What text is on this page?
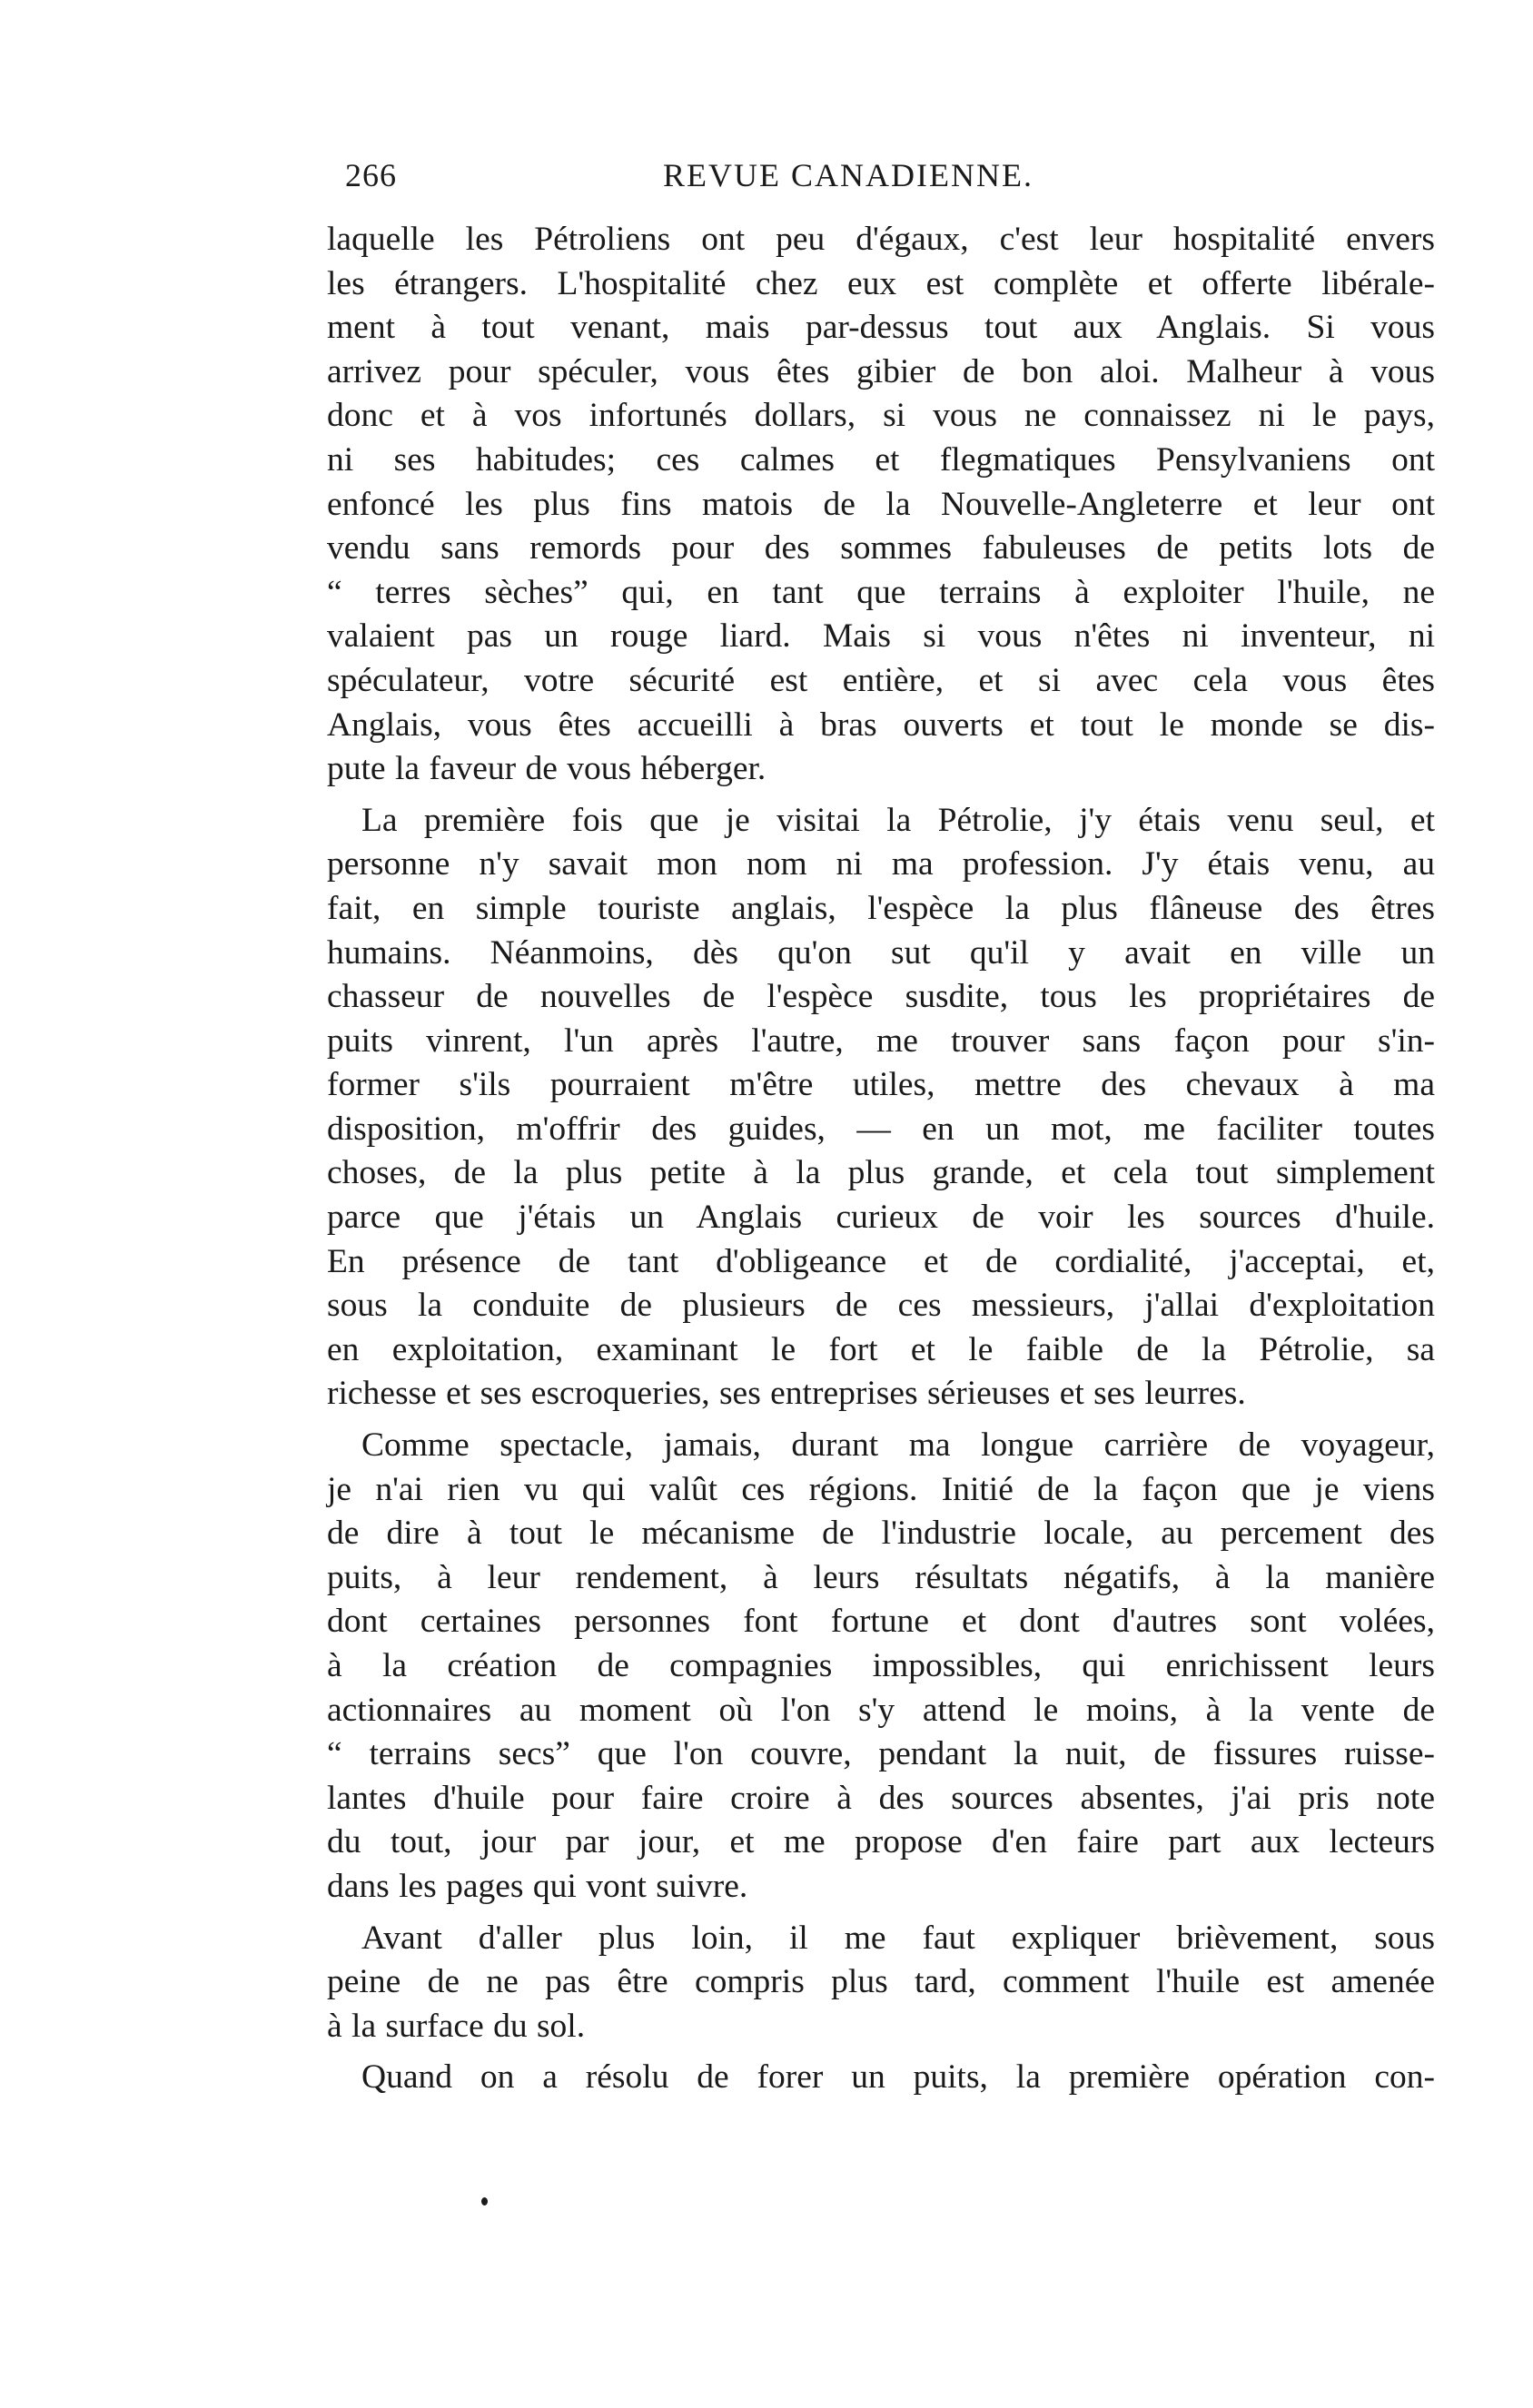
266	REVUE CANADIENNE.

laquelle les Pétroliens ont peu d'égaux, c'est leur hospitalité envers
les étrangers. L'hospitalité chez eux est complète et offerte libérale-
ment à tout venant, mais par-dessus tout aux Anglais. Si vous
arrivez pour spéculer, vous êtes gibier de bon aloi. Malheur à vous
donc et à vos infortunés dollars, si vous ne connaissez ni le pays,
ni ses habitudes; ces calmes et flegmatiques Pensylvaniens ont
enfoncé les plus fins matois de la Nouvelle-Angleterre et leur ont
vendu sans remords pour des sommes fabuleuses de petits lots de
“ terres sèches” qui, en tant que terrains à exploiter l'huile, ne
valaient pas un rouge liard. Mais si vous n'êtes ni inventeur, ni
spéculateur, votre sécurité est entière, et si avec cela vous êtes
Anglais, vous êtes accueilli à bras ouverts et tout le monde se dis-
pute la faveur de vous héberger.

La première fois que je visitai la Pétrolie, j'y étais venu seul, et
personne n'y savait mon nom ni ma profession. J'y étais venu, au
fait, en simple touriste anglais, l'espèce la plus flâneuse des êtres
humains. Néanmoins, dès qu'on sut qu'il y avait en ville un
chasseur de nouvelles de l'espèce susdite, tous les propriétaires de
puits vinrent, l'un après l'autre, me trouver sans façon pour s'in-
former s'ils pourraient m'être utiles, mettre des chevaux à ma
disposition, m'offrir des guides, — en un mot, me faciliter toutes
choses, de la plus petite à la plus grande, et cela tout simplement
parce que j'étais un Anglais curieux de voir les sources d'huile.
En présence de tant d'obligeance et de cordialité, j'acceptai, et,
sous la conduite de plusieurs de ces messieurs, j'allai d'exploitation
en exploitation, examinant le fort et le faible de la Pétrolie, sa
richesse et ses escroqueries, ses entreprises sérieuses et ses leurres.

Comme spectacle, jamais, durant ma longue carrière de voyageur,
je n'ai rien vu qui valût ces régions. Initié de la façon que je viens
de dire à tout le mécanisme de l'industrie locale, au percement des
puits, à leur rendement, à leurs résultats négatifs, à la manière
dont certaines personnes font fortune et dont d'autres sont volées,
à la création de compagnies impossibles, qui enrichissent leurs
actionnaires au moment où l'on s'y attend le moins, à la vente de
“ terrains secs” que l'on couvre, pendant la nuit, de fissures ruisse-
lantes d'huile pour faire croire à des sources absentes, j'ai pris note
du tout, jour par jour, et me propose d'en faire part aux lecteurs
dans les pages qui vont suivre.

Avant d'aller plus loin, il me faut expliquer brièvement, sous
peine de ne pas être compris plus tard, comment l'huile est amenée
à la surface du sol.

Quand on a résolu de forer un puits, la première opération con-
